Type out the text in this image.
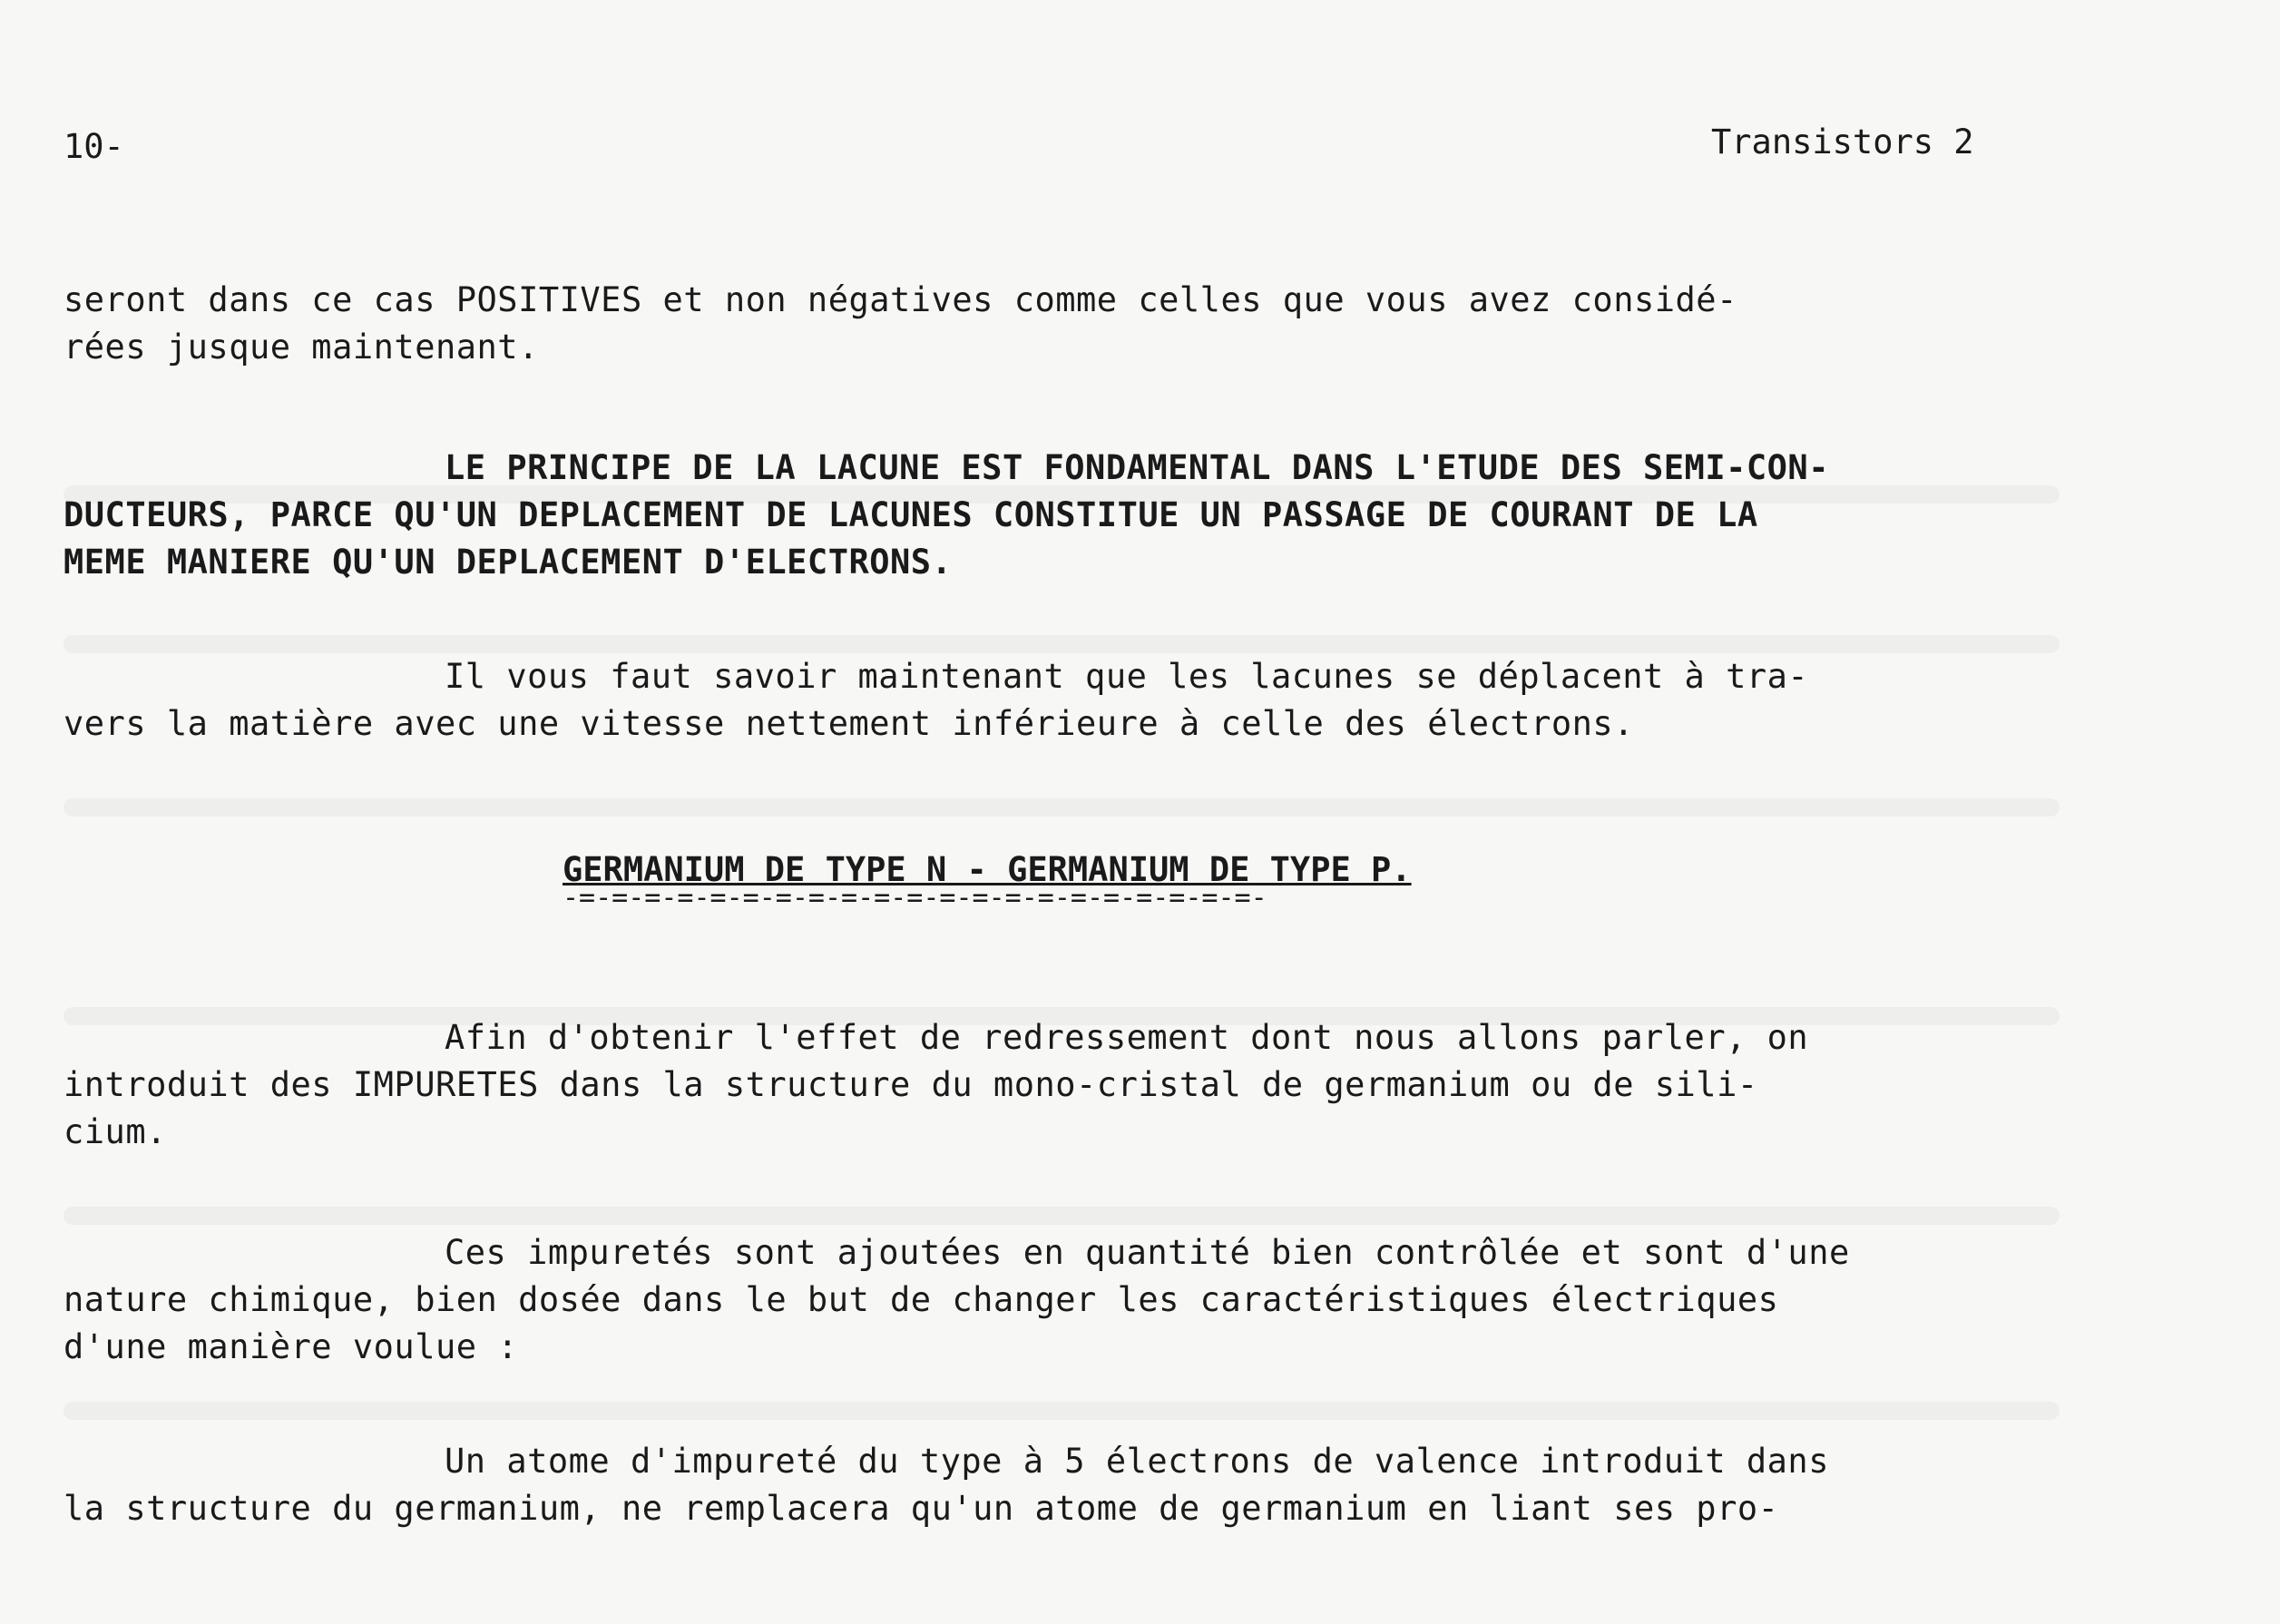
10-	Transistors 2
seront dans ce cas POSITIVES et non négatives comme celles que vous avez considé-
rées jusque maintenant.
LE PRINCIPE DE LA LACUNE EST FONDAMENTAL DANS L'ETUDE DES SEMI-CON-
DUCTEURS, PARCE QU'UN DEPLACEMENT DE LACUNES CONSTITUE UN PASSAGE DE COURANT DE LA
MEME MANIERE QU'UN DEPLACEMENT D'ELECTRONS.
Il vous faut savoir maintenant que les lacunes se déplacent à tra-
vers la matière avec une vitesse nettement inférieure à celle des électrons.
GERMANIUM DE TYPE N - GERMANIUM DE TYPE P.
-=-=-=-=-=-=-=-=-=-=-=-=-=-=-=-=-=-=-=-=-=-
Afin d'obtenir l'effet de redressement dont nous allons parler, on
introduit des IMPURETES dans la structure du mono-cristal de germanium ou de sili-
cium.
Ces impuretés sont ajoutées en quantité bien contrôlée et sont d'une
nature chimique, bien dosée dans le but de changer les caractéristiques électriques
d'une manière voulue :
Un atome d'impureté du type à 5 électrons de valence introduit dans
la structure du germanium, ne remplacera qu'un atome de germanium en liant ses pro-
